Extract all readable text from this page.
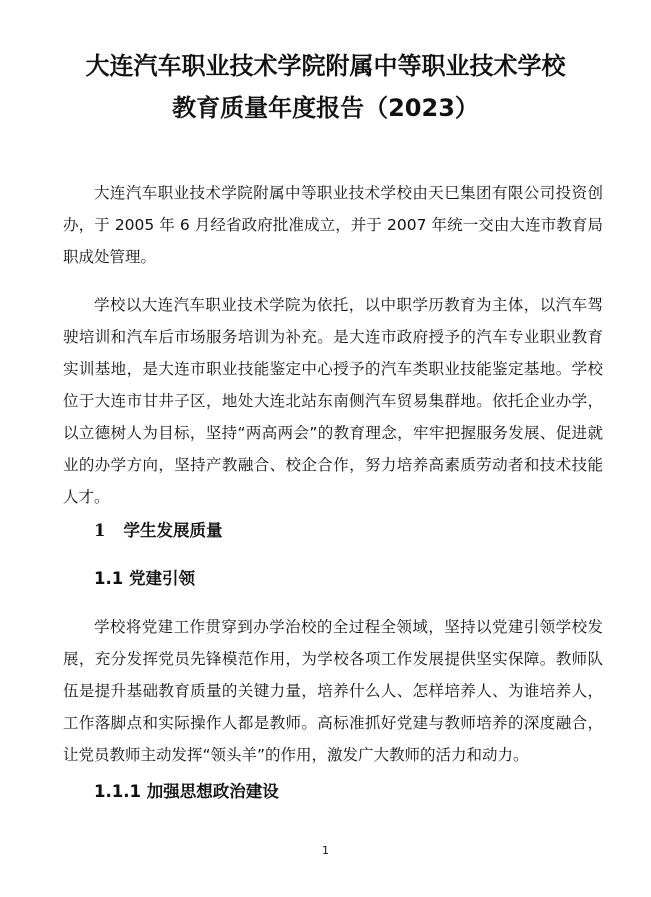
大连汽车职业技术学院附属中等职业技术学校
教育质量年度报告（2023）

大连汽车职业技术学院附属中等职业技术学校由天巳集团有限公司投资创办，于 2005 年 6 月经省政府批准成立，并于 2007 年统一交由大连市教育局职成处管理。

学校以大连汽车职业技术学院为依托，以中职学历教育为主体，以汽车驾驶培训和汽车后市场服务培训为补充。是大连市政府授予的汽车专业职业教育实训基地，是大连市职业技能鉴定中心授予的汽车类职业技能鉴定基地。学校位于大连市甘井子区，地处大连北站东南侧汽车贸易集群地。依托企业办学，以立德树人为目标，坚持“两高两会”的教育理念，牢牢把握服务发展、促进就业的办学方向，坚持产教融合、校企合作，努力培养高素质劳动者和技术技能人才。

1 学生发展质量
1.1 党建引领

学校将党建工作贯穿到办学治校的全过程全领域，坚持以党建引领学校发展，充分发挥党员先锋模范作用，为学校各项工作发展提供坚实保障。教师队伍是提升基础教育质量的关键力量，培养什么人、怎样培养人、为谁培养人，工作落脚点和实际操作人都是教师。高标准抓好党建与教师培养的深度融合，让党员教师主动发挥“领头羊”的作用，激发广大教师的活力和动力。

1.1.1 加强思想政治建设
1
